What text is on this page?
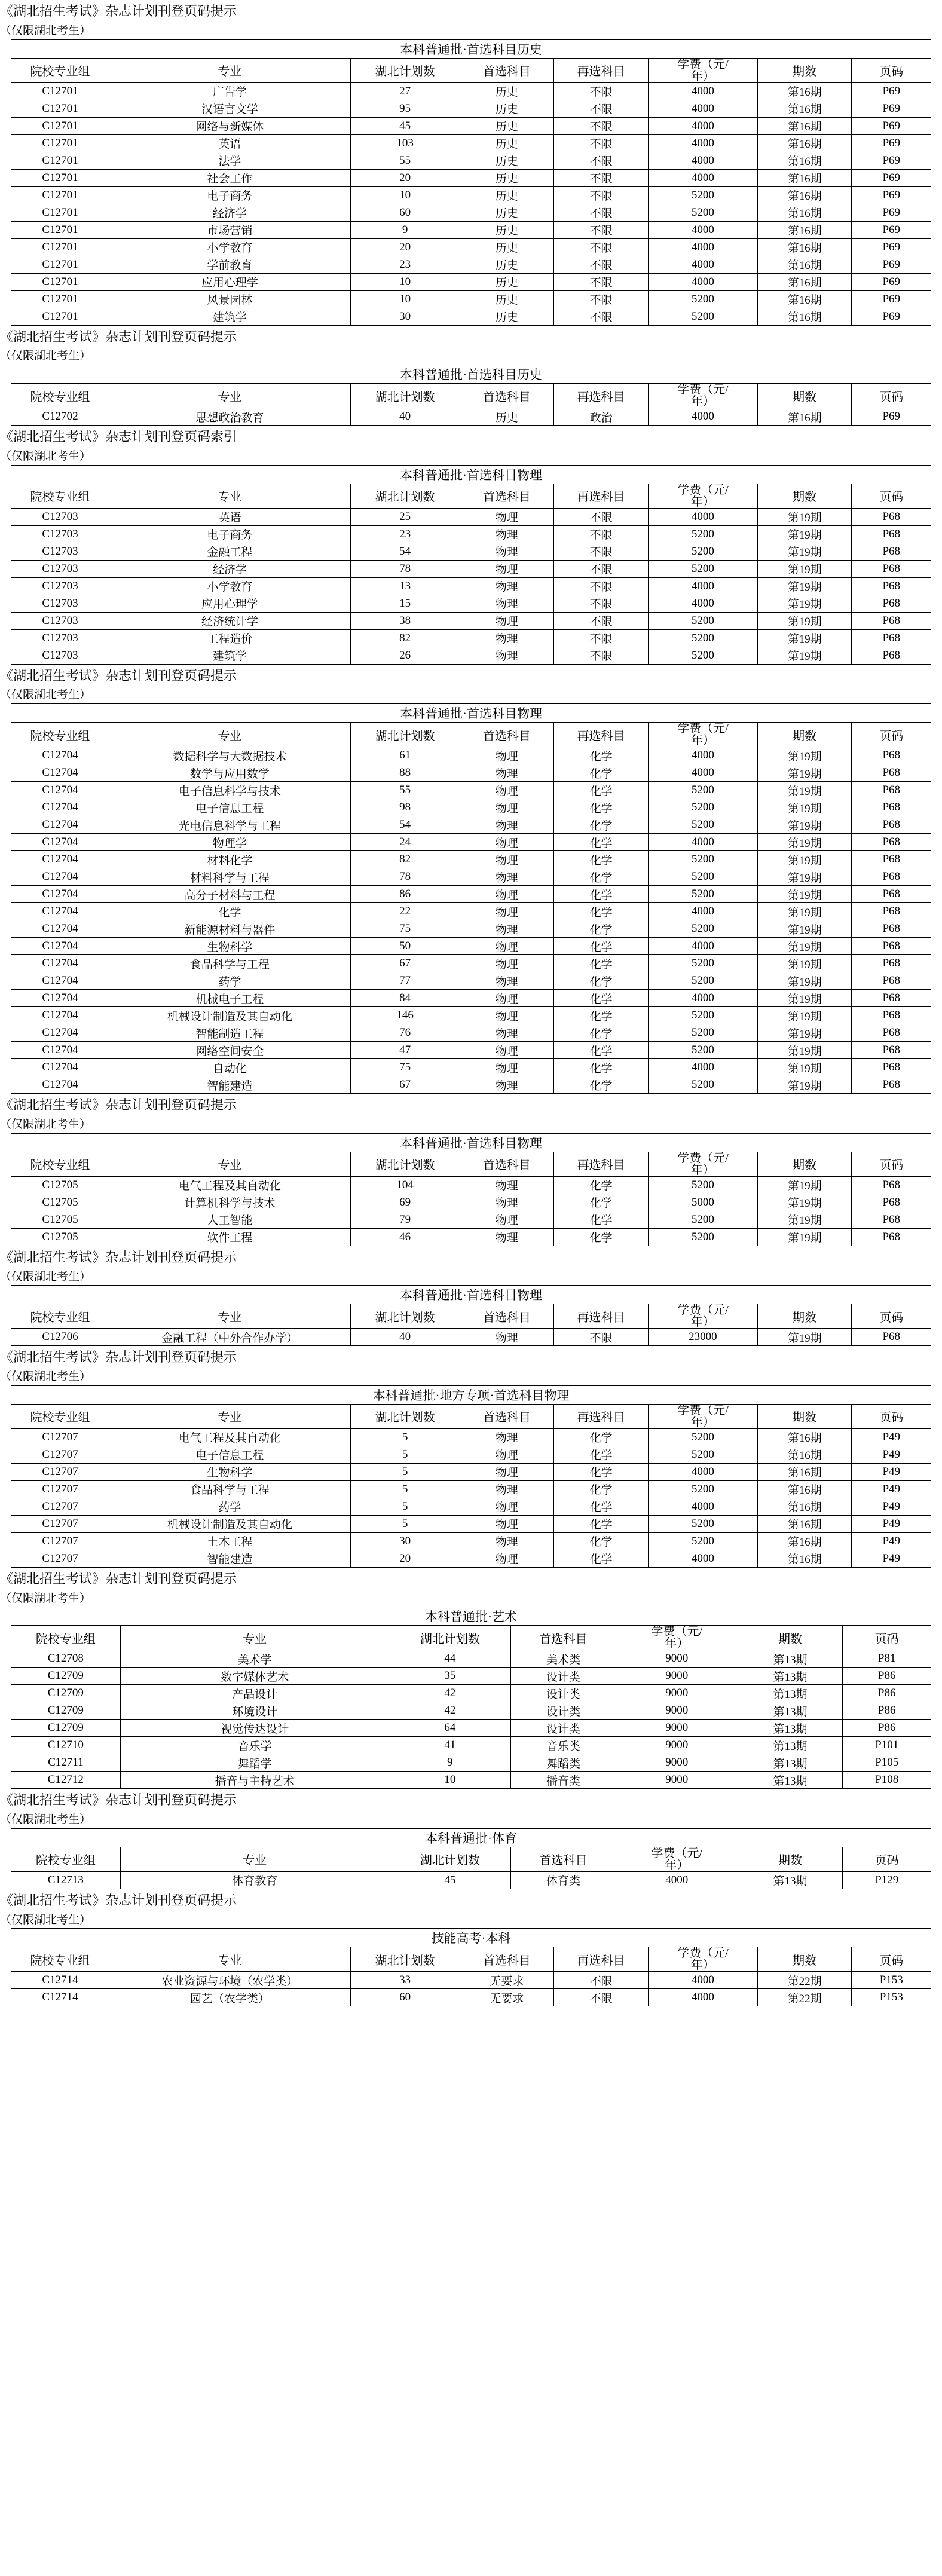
《湖北招生考试》杂志计划刊登页码提示
（仅限湖北考生）
本科普通批·首选科目历史							
院校专业组	专业	湖北计划数	首选科目	再选科目	学费（元/
年）	期数	页码
C12701	广告学	27	历史	不限	4000	第16期	P69
C12701	汉语言文学	95	历史	不限	4000	第16期	P69
C12701	网络与新媒体	45	历史	不限	4000	第16期	P69
C12701	英语	103	历史	不限	4000	第16期	P69
C12701	法学	55	历史	不限	4000	第16期	P69
C12701	社会工作	20	历史	不限	4000	第16期	P69
C12701	电子商务	10	历史	不限	5200	第16期	P69
C12701	经济学	60	历史	不限	5200	第16期	P69
C12701	市场营销	9	历史	不限	4000	第16期	P69
C12701	小学教育	20	历史	不限	4000	第16期	P69
C12701	学前教育	23	历史	不限	4000	第16期	P69
C12701	应用心理学	10	历史	不限	4000	第16期	P69
C12701	风景园林	10	历史	不限	5200	第16期	P69
C12701	建筑学	30	历史	不限	5200	第16期	P69
《湖北招生考试》杂志计划刊登页码提示
（仅限湖北考生）
本科普通批·首选科目历史							
院校专业组	专业	湖北计划数	首选科目	再选科目	学费（元/
年）	期数	页码
C12702	思想政治教育	40	历史	政治	4000	第16期	P69
《湖北招生考试》杂志计划刊登页码索引
（仅限湖北考生）
本科普通批·首选科目物理							
院校专业组	专业	湖北计划数	首选科目	再选科目	学费（元/
年）	期数	页码
C12703	英语	25	物理	不限	4000	第19期	P68
C12703	电子商务	23	物理	不限	5200	第19期	P68
C12703	金融工程	54	物理	不限	5200	第19期	P68
C12703	经济学	78	物理	不限	5200	第19期	P68
C12703	小学教育	13	物理	不限	4000	第19期	P68
C12703	应用心理学	15	物理	不限	4000	第19期	P68
C12703	经济统计学	38	物理	不限	5200	第19期	P68
C12703	工程造价	82	物理	不限	5200	第19期	P68
C12703	建筑学	26	物理	不限	5200	第19期	P68
《湖北招生考试》杂志计划刊登页码提示
（仅限湖北考生）
本科普通批·首选科目物理							
院校专业组	专业	湖北计划数	首选科目	再选科目	学费（元/
年）	期数	页码
C12704	数据科学与大数据技术	61	物理	化学	4000	第19期	P68
C12704	数学与应用数学	88	物理	化学	4000	第19期	P68
C12704	电子信息科学与技术	55	物理	化学	5200	第19期	P68
C12704	电子信息工程	98	物理	化学	5200	第19期	P68
C12704	光电信息科学与工程	54	物理	化学	5200	第19期	P68
C12704	物理学	24	物理	化学	4000	第19期	P68
C12704	材料化学	82	物理	化学	5200	第19期	P68
C12704	材料科学与工程	78	物理	化学	5200	第19期	P68
C12704	高分子材料与工程	86	物理	化学	5200	第19期	P68
C12704	化学	22	物理	化学	4000	第19期	P68
C12704	新能源材料与器件	75	物理	化学	5200	第19期	P68
C12704	生物科学	50	物理	化学	4000	第19期	P68
C12704	食品科学与工程	67	物理	化学	5200	第19期	P68
C12704	药学	77	物理	化学	5200	第19期	P68
C12704	机械电子工程	84	物理	化学	4000	第19期	P68
C12704	机械设计制造及其自动化	146	物理	化学	5200	第19期	P68
C12704	智能制造工程	76	物理	化学	5200	第19期	P68
C12704	网络空间安全	47	物理	化学	5200	第19期	P68
C12704	自动化	75	物理	化学	4000	第19期	P68
C12704	智能建造	67	物理	化学	5200	第19期	P68
《湖北招生考试》杂志计划刊登页码提示
（仅限湖北考生）
本科普通批·首选科目物理							
院校专业组	专业	湖北计划数	首选科目	再选科目	学费（元/
年）	期数	页码
C12705	电气工程及其自动化	104	物理	化学	5200	第19期	P68
C12705	计算机科学与技术	69	物理	化学	5000	第19期	P68
C12705	人工智能	79	物理	化学	5200	第19期	P68
C12705	软件工程	46	物理	化学	5200	第19期	P68
《湖北招生考试》杂志计划刊登页码提示
（仅限湖北考生）
本科普通批·首选科目物理							
院校专业组	专业	湖北计划数	首选科目	再选科目	学费（元/
年）	期数	页码
C12706	金融工程（中外合作办学）	40	物理	不限	23000	第19期	P68
《湖北招生考试》杂志计划刊登页码提示
（仅限湖北考生）
本科普通批·地方专项·首选科目物理							
院校专业组	专业	湖北计划数	首选科目	再选科目	学费（元/
年）	期数	页码
C12707	电气工程及其自动化	5	物理	化学	5200	第16期	P49
C12707	电子信息工程	5	物理	化学	5200	第16期	P49
C12707	生物科学	5	物理	化学	4000	第16期	P49
C12707	食品科学与工程	5	物理	化学	5200	第16期	P49
C12707	药学	5	物理	化学	4000	第16期	P49
C12707	机械设计制造及其自动化	5	物理	化学	5200	第16期	P49
C12707	土木工程	30	物理	化学	5200	第16期	P49
C12707	智能建造	20	物理	化学	4000	第16期	P49
《湖北招生考试》杂志计划刊登页码提示
（仅限湖北考生）
本科普通批·艺术						
院校专业组	专业	湖北计划数	首选科目	学费（元/
年）	期数	页码
C12708	美术学	44	美术类	9000	第13期	P81
C12709	数字媒体艺术	35	设计类	9000	第13期	P86
C12709	产品设计	42	设计类	9000	第13期	P86
C12709	环境设计	42	设计类	9000	第13期	P86
C12709	视觉传达设计	64	设计类	9000	第13期	P86
C12710	音乐学	41	音乐类	9000	第13期	P101
C12711	舞蹈学	9	舞蹈类	9000	第13期	P105
C12712	播音与主持艺术	10	播音类	9000	第13期	P108
《湖北招生考试》杂志计划刊登页码提示
（仅限湖北考生）
本科普通批·体育						
院校专业组	专业	湖北计划数	首选科目	学费（元/
年）	期数	页码
C12713	体育教育	45	体育类	4000	第13期	P129
《湖北招生考试》杂志计划刊登页码提示
（仅限湖北考生）
技能高考·本科							
院校专业组	专业	湖北计划数	首选科目	再选科目	学费（元/
年）	期数	页码
C12714	农业资源与环境（农学类）	33	无要求	不限	4000	第22期	P153
C12714	园艺（农学类）	60	无要求	不限	4000	第22期	P153
